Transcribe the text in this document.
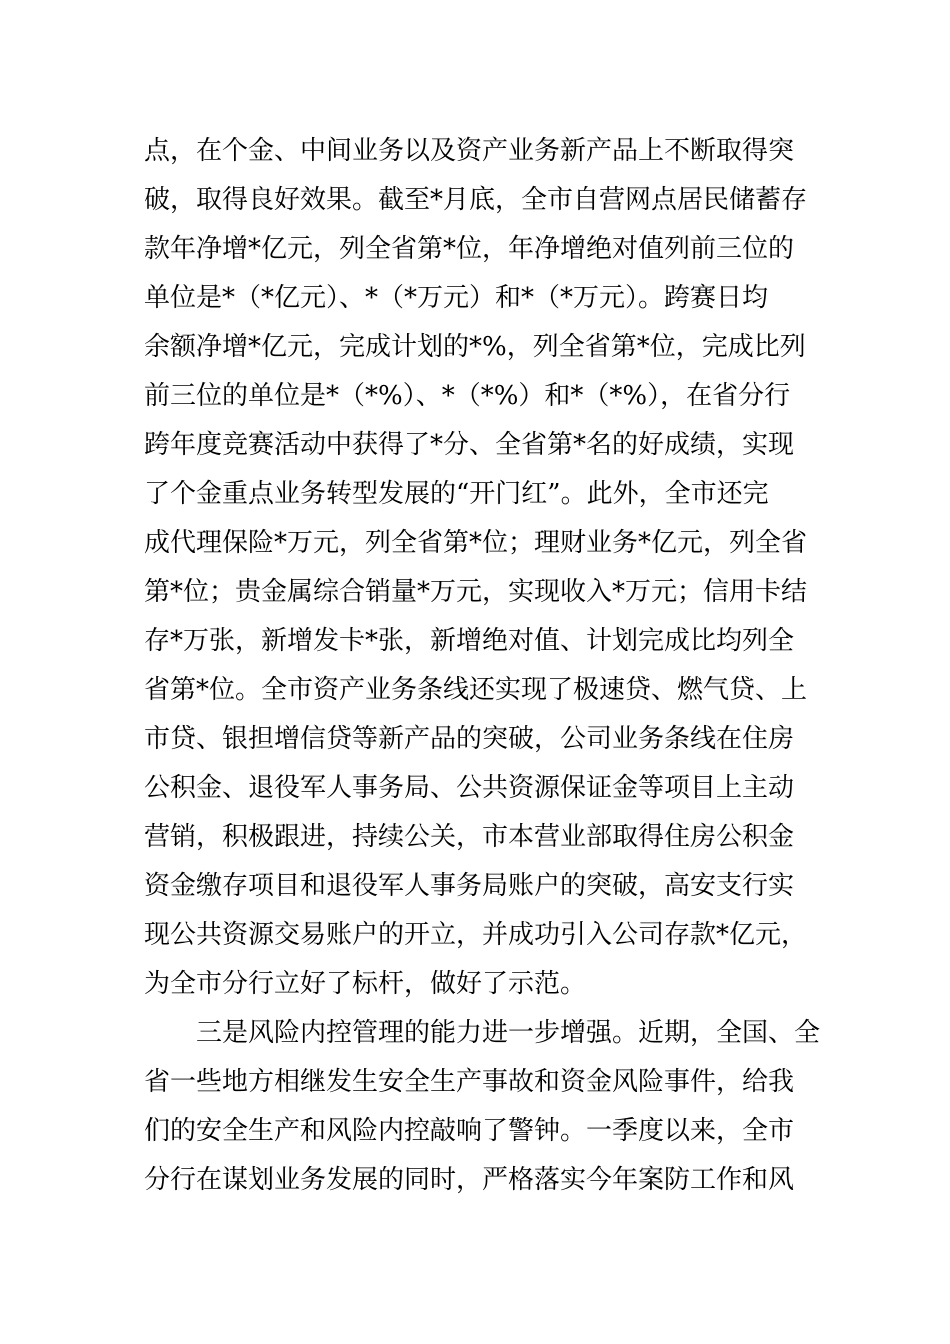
点，在个金、中间业务以及资产业务新产品上不断取得突
破，取得良好效果。截至*月底，全市自营网点居民储蓄存
款年净增*亿元，列全省第*位，年净增绝对值列前三位的
单位是*（*亿元）、*（*万元）和*（*万元）。跨赛日均
余额净增*亿元，完成计划的*%，列全省第*位，完成比列
前三位的单位是*（*%）、*（*%）和*（*%），在省分行
跨年度竞赛活动中获得了*分、全省第*名的好成绩，实现
了个金重点业务转型发展的“开门红”。此外，全市还完
成代理保险*万元，列全省第*位；理财业务*亿元，列全省
第*位；贵金属综合销量*万元，实现收入*万元；信用卡结
存*万张，新增发卡*张，新增绝对值、计划完成比均列全
省第*位。全市资产业务条线还实现了极速贷、燃气贷、上
市贷、银担增信贷等新产品的突破，公司业务条线在住房
公积金、退役军人事务局、公共资源保证金等项目上主动
营销，积极跟进，持续公关，市本营业部取得住房公积金
资金缴存项目和退役军人事务局账户的突破，高安支行实
现公共资源交易账户的开立，并成功引入公司存款*亿元，
为全市分行立好了标杆，做好了示范。
三是风险内控管理的能力进一步增强。近期，全国、全
省一些地方相继发生安全生产事故和资金风险事件，给我
们的安全生产和风险内控敲响了警钟。一季度以来，全市
分行在谋划业务发展的同时，严格落实今年案防工作和风
